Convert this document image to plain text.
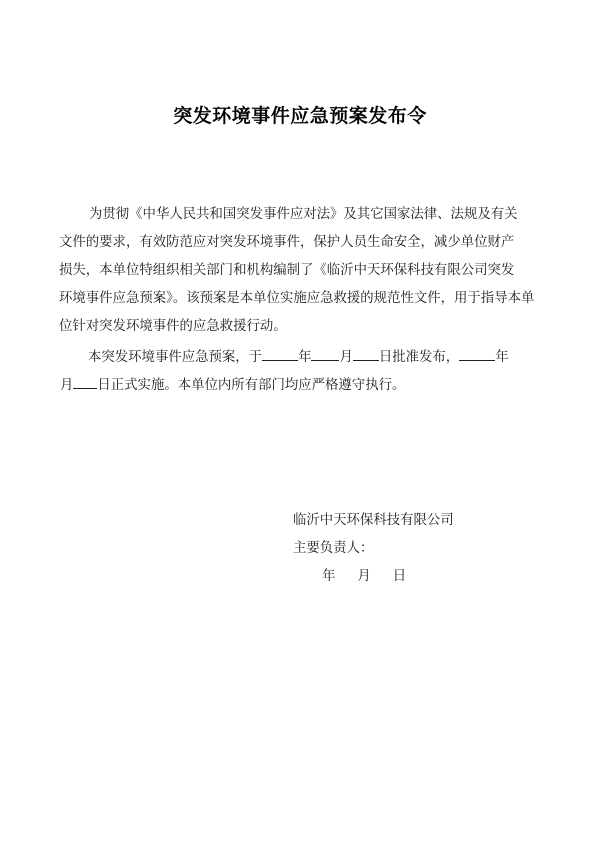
突发环境事件应急预案发布令
为贯彻《中华人民共和国突发事件应对法》及其它国家法律、法规及有关
文件的要求，有效防范应对突发环境事件，保护人员生命安全，减少单位财产
损失，本单位特组织相关部门和机构编制了《临沂中天环保科技有限公司突发
环境事件应急预案》。该预案是本单位实施应急救援的规范性文件，用于指导本单
位针对突发环境事件的应急救援行动。
本突发环境事件应急预案，于	年 月 日批准发布，	年
月 日正式实施。本单位内所有部门均应严格遵守执行。
临沂中天环保科技有限公司
主要负责人：
年 月 日
